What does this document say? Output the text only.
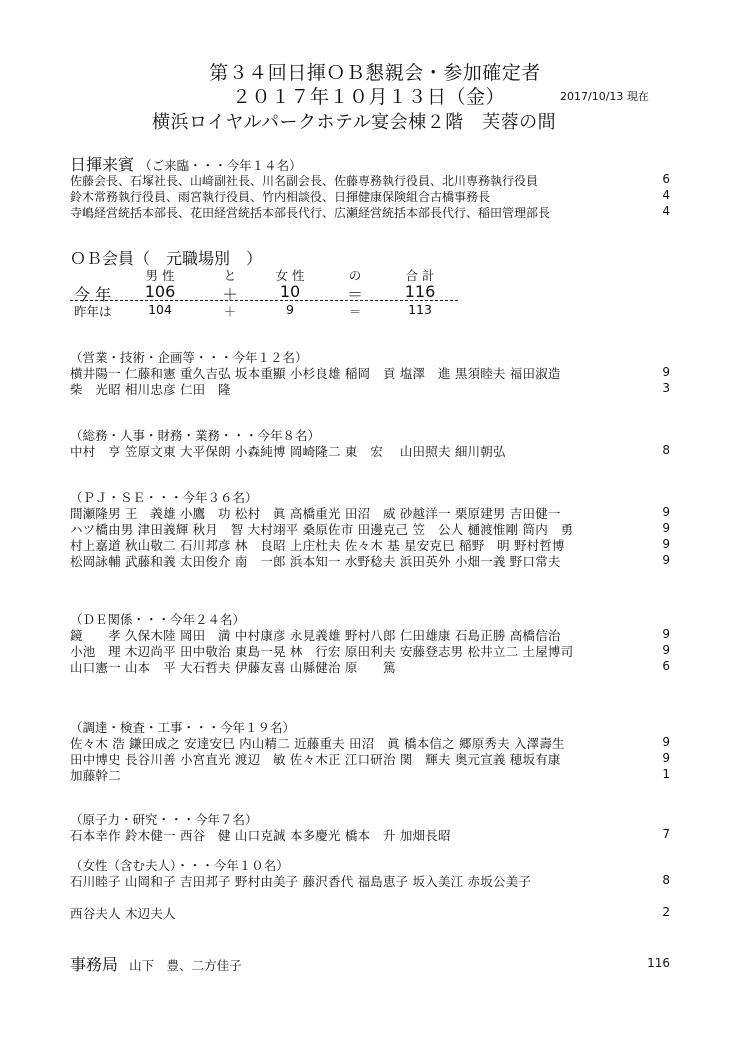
第３４回日揮ＯＢ懇親会・参加確定者
２０１７年１０月１３日（金）	2017/10/13 現在
横浜ロイヤルパークホテル宴会棟２階　芙蓉の間
日揮来賓 （ご来臨・・・今年１４名）
佐藤会長、石塚社長、山﨑副社長、川名副会長、佐藤専務執行役員、北川専務執行役員	6
鈴木常務執行役員、雨宮執行役員、竹内相談役、日揮健康保険組合古橋事務長	4
寺嶋経営統括本部長、花田経営統括本部長代行、広瀬経営統括本部長代行、稲田管理部長	4
ＯＢ会員（　元職場別　）
男 性	と	女 性	の	合 計
今 年	106	＋	10	＝	116
昨年は	104	＋	9	＝	113
（営業・技術・企画等・・・今年１２名）
横井陽一 仁藤和憲 重久吉弘 坂本重顯 小杉良雄 稲岡　貢 塩澤　進 黒須睦夫 福田淑造	9
柴　光昭 相川忠彦 仁田　隆	3
（総務・人事・財務・業務・・・今年８名）
中村　亨 笠原文東 大平保朗 小森純博 岡崎隆二 東　宏　 山田照夫 細川朝弘	8
（ＰＪ・ＳＥ・・・今年３６名）
間瀬隆男 王　義雄 小鷹　功 松村　眞 高橋重光 田沼　威 砂越洋一 栗原建男 吉田健一	9
ハツ橋由男 津田義輝 秋月　智 大村翊平 桑原佐市 田邊克己 笠　公人 樋渡惟剛 筒内　勇	9
村上嘉道 秋山敬二 石川邦彦 林　良昭 上庄杜夫 佐々木 基 星安克巳 稲野　明 野村哲博	9
松岡詠輔 武藤和義 太田俊介 南　一郎 浜本知一 水野稔夫 浜田英外 小畑一義 野口常夫	9
（ＤＥ関係・・・今年２４名）
鏡　　孝 久保木陸 岡田　満 中村康彦 永見義雄 野村八郎 仁田雄康 石島正勝 高橋信治	9
小池　理 木辺尚平 田中敬治 東島一晃 林　行宏 原田利夫 安藤登志男 松井立二 土屋博司	9
山口憲一 山本　平 大石哲夫 伊藤友喜 山縣健治 原　　篤	6
（調達・検査・工事・・・今年１９名）
佐々木 浩 鎌田成之 安達安巳 内山精二 近藤重夫 田沼　眞 橋本信之 郷原秀夫 入澤壽生	9
田中博史 長谷川善 小宮直光 渡辺　敏 佐々木正 江口研治 関　輝夫 奥元宣義 穂坂有康	9
加藤幹二	1
（原子力・研究・・・今年７名）
石本幸作 鈴木健一 西谷　健 山口克誠 本多慶光 橋本　升 加畑長昭	7
（女性（含む夫人）・・・今年１０名）
石川睦子 山岡和子 吉田邦子 野村由美子 藤沢香代 福島恵子 坂入美江 赤坂公美子	8
西谷夫人 木辺夫人	2
事務局 山下　豊、二方佳子	116
